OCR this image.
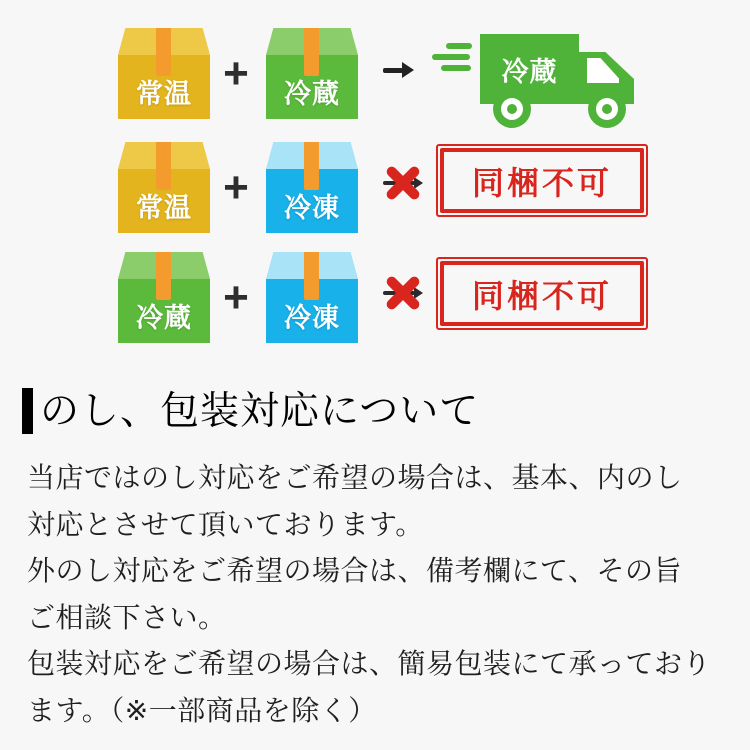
常温 +	冷蔵
冷蔵
常温 +	冷凍
同梱不可
冷蔵 +	冷凍
同梱不可
のし、包装対応について
当店ではのし対応をご希望の場合は、基本、内のし
対応とさせて頂いております。
外のし対応をご希望の場合は、備考欄にて、その旨
ご相談下さい。
包装対応をご希望の場合は、簡易包装にて承っており
ます。（※一部商品を除く）
